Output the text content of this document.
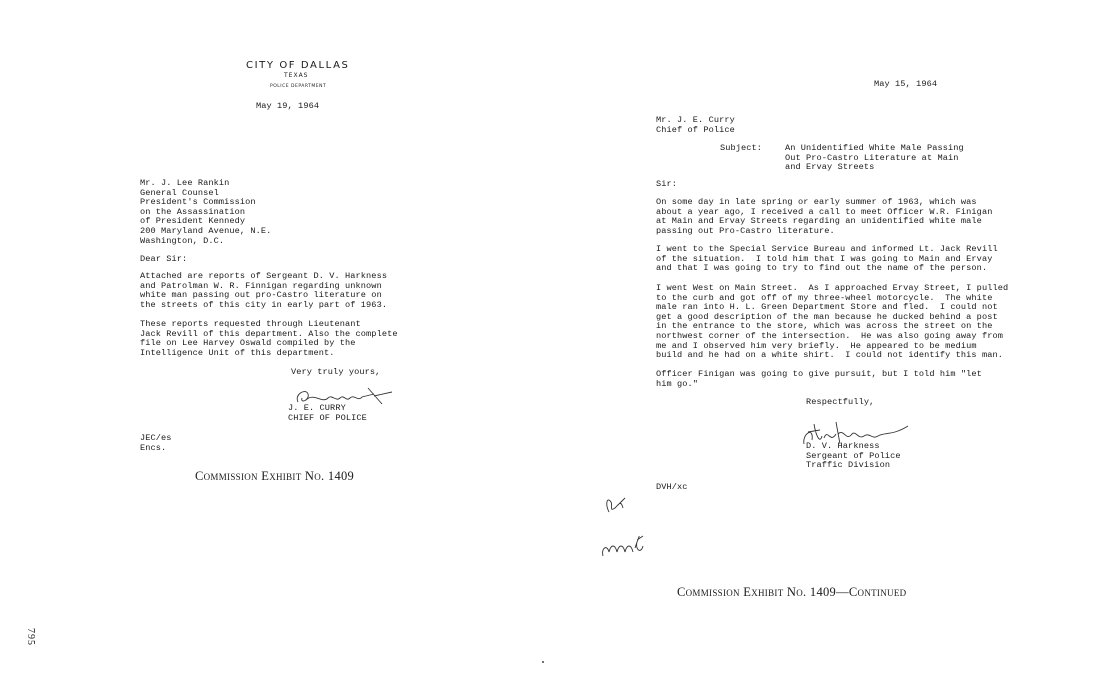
CITY OF DALLAS
TEXAS
POLICE DEPARTMENT
May 19, 1964
Mr. J. Lee Rankin
General Counsel
President's Commission
on the Assassination
of President Kennedy
200 Maryland Avenue, N.E.
Washington, D.C.
Dear Sir:
Attached are reports of Sergeant D. V. Harkness
and Patrolman W. R. Finnigan regarding unknown
white man passing out pro-Castro literature on
the streets of this city in early part of 1963.
These reports requested through Lieutenant
Jack Revill of this department. Also the complete
file on Lee Harvey Oswald compiled by the
Intelligence Unit of this department.
Very truly yours,
J. E. CURRY
CHIEF OF POLICE
JEC/es
Encs.
Commission Exhibit No. 1409
May 15, 1964
Mr. J. E. Curry
Chief of Police
Subject:	An Unidentified White Male Passing
Out Pro-Castro Literature at Main
and Ervay Streets
Sir:
On some day in late spring or early summer of 1963, which was
about a year ago, I received a call to meet Officer W.R. Finigan
at Main and Ervay Streets regarding an unidentified white male
passing out Pro-Castro literature.
I went to the Special Service Bureau and informed Lt. Jack Revill
of the situation.  I told him that I was going to Main and Ervay
and that I was going to try to find out the name of the person.
I went West on Main Street.  As I approached Ervay Street, I pulled
to the curb and got off of my three-wheel motorcycle.  The white
male ran into H. L. Green Department Store and fled.  I could not
get a good description of the man because he ducked behind a post
in the entrance to the store, which was across the street on the
northwest corner of the intersection.  He was also going away from
me and I observed him very briefly.  He appeared to be medium
build and he had on a white shirt.  I could not identify this man.
Officer Finigan was going to give pursuit, but I told him "let
him go."
Respectfully,
D. V. Harkness
Sergeant of Police
Traffic Division
DVH/xc
Commission Exhibit No. 1409—Continued
795
